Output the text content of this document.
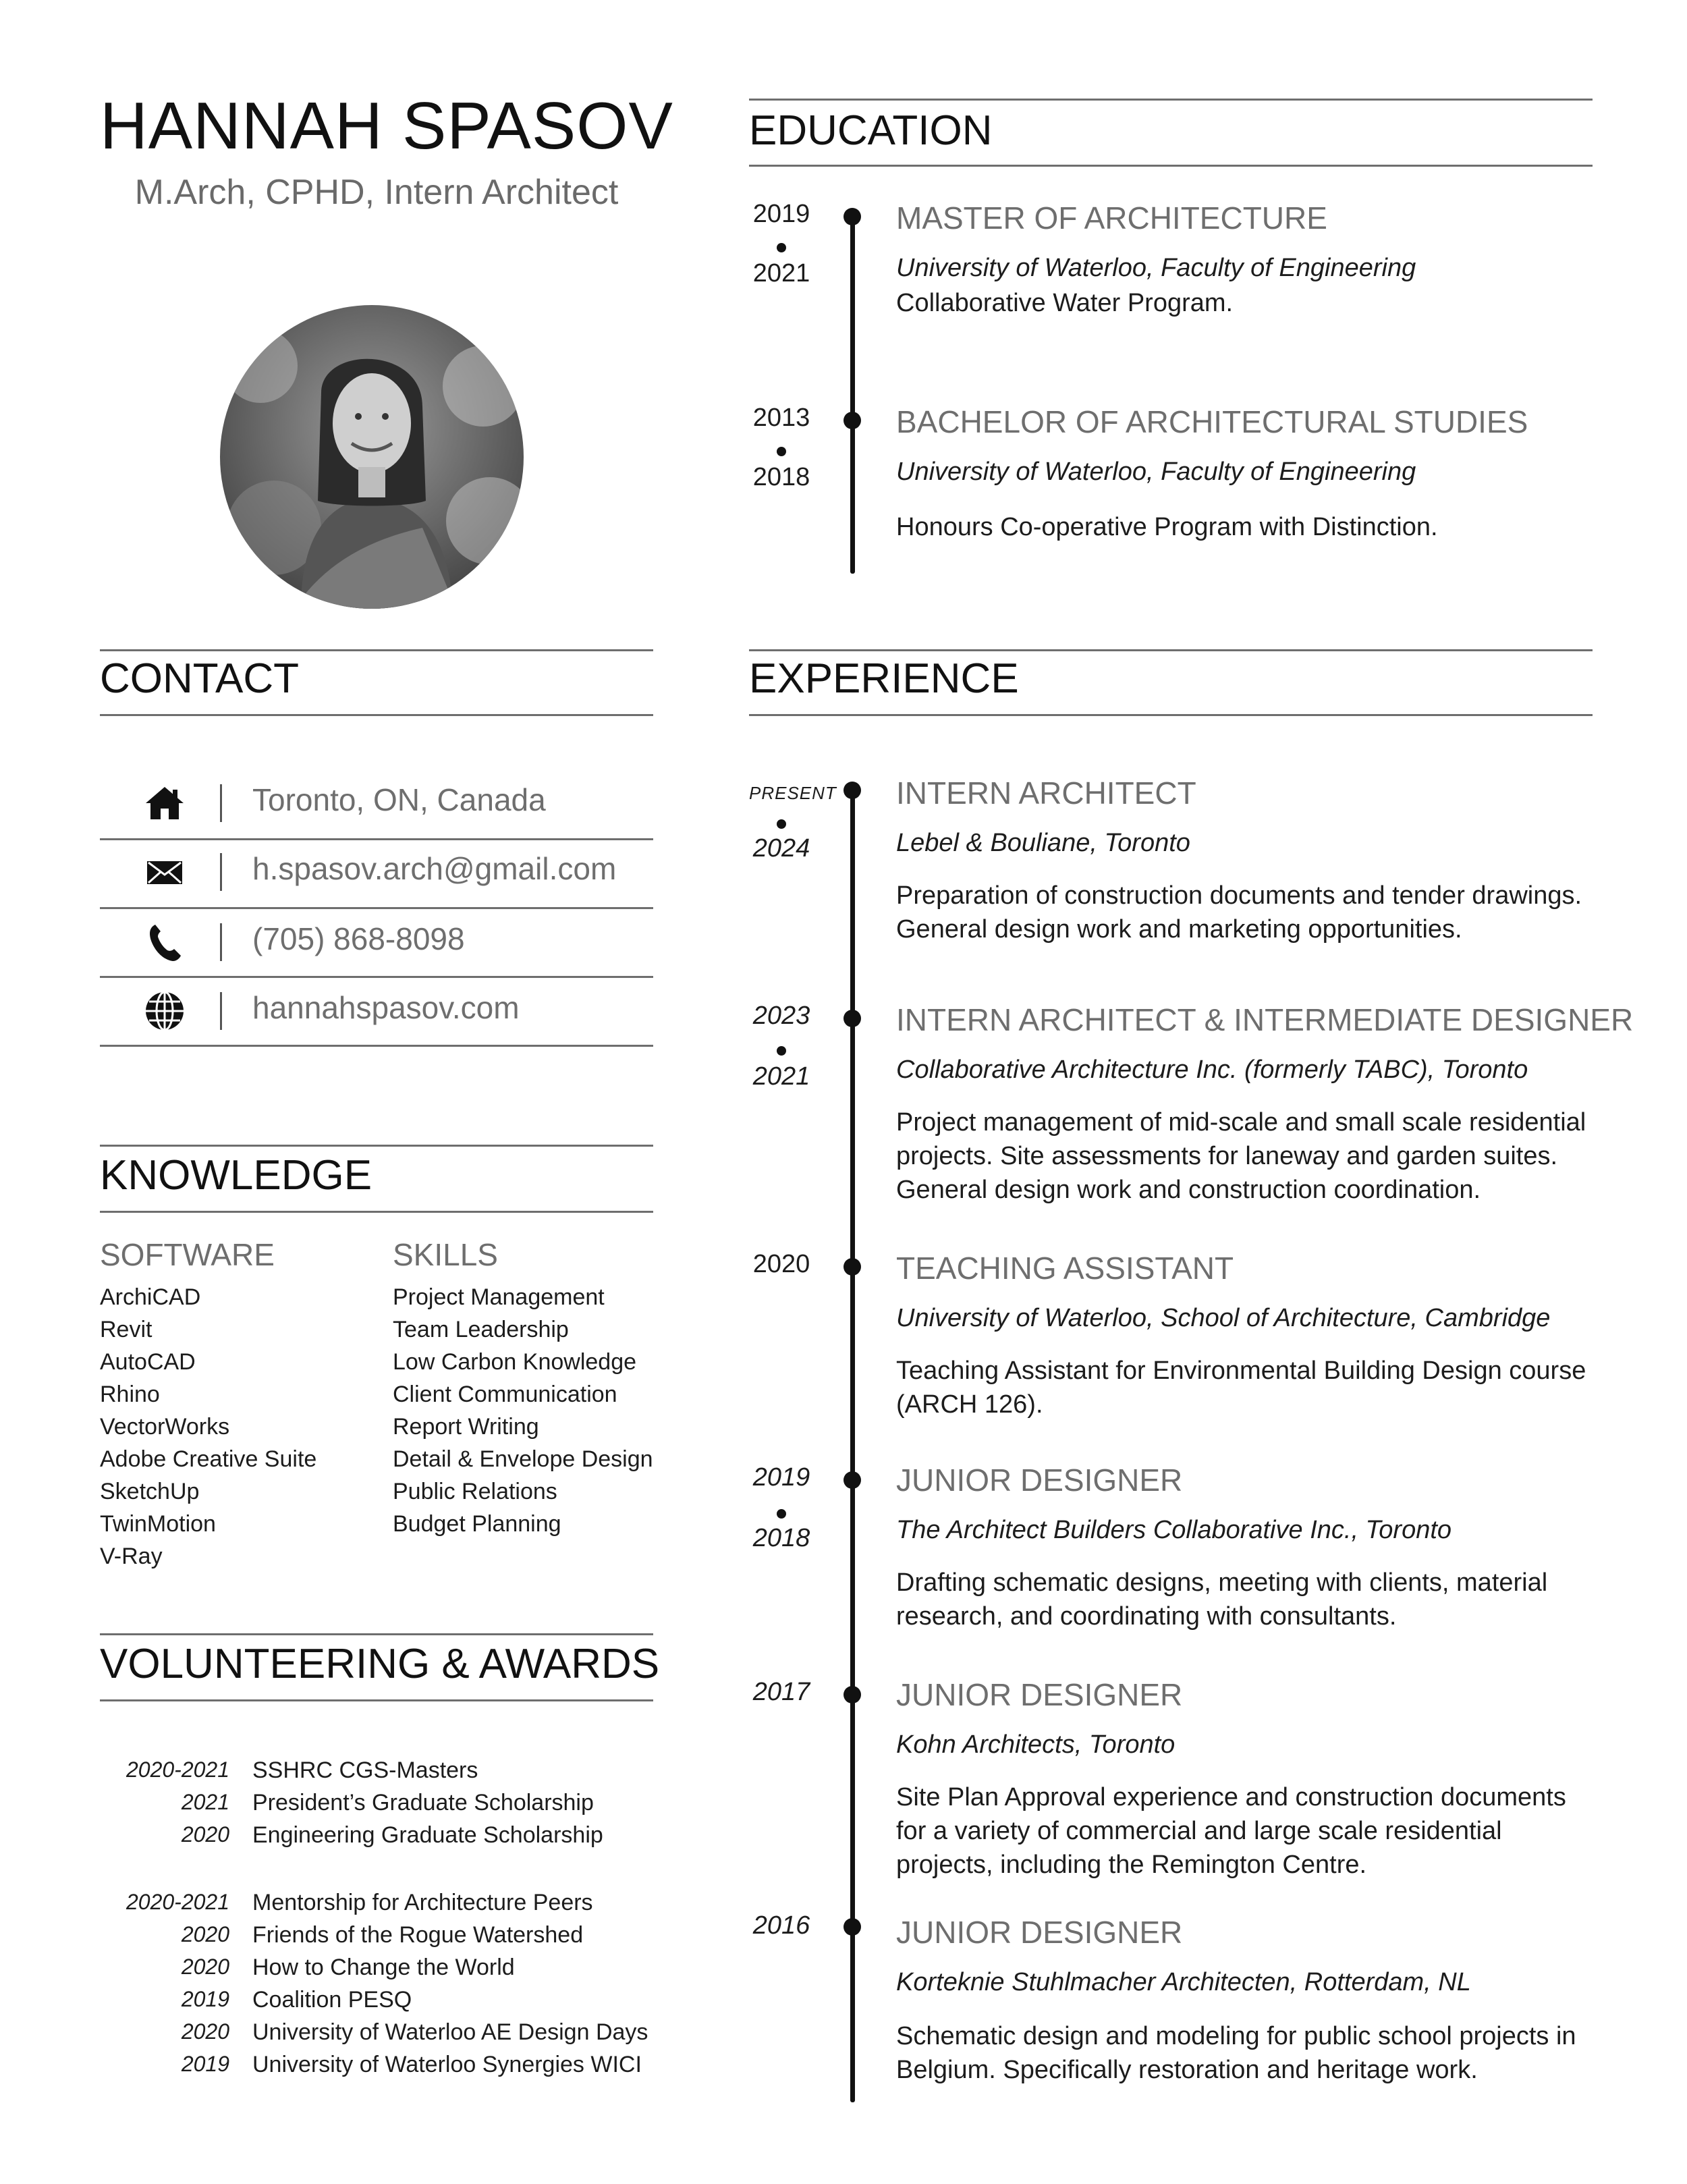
HANNAH SPASOV
M.Arch, CPHD, Intern Architect
CONTACT
Toronto, ON, Canada
h.spasov.arch@gmail.com
(705) 868-8098
hannahspasov.com
KNOWLEDGE
SOFTWARE
ArchiCAD
Revit
AutoCAD
Rhino
VectorWorks
Adobe Creative Suite
SketchUp
TwinMotion
V-Ray
SKILLS
Project Management
Team Leadership
Low Carbon Knowledge
Client Communication
Report Writing
Detail & Envelope Design
Public Relations
Budget Planning
VOLUNTEERING & AWARDS
2020-2021 SSHRC CGS-Masters
2021 President’s Graduate Scholarship
2020 Engineering Graduate Scholarship
2020-2021 Mentorship for Architecture Peers
2020 Friends of the Rogue Watershed
2020 How to Change the World
2019 Coalition PESQ
2020 University of Waterloo AE Design Days
2019 University of Waterloo Synergies WICI
EDUCATION
2019
2021
MASTER OF ARCHITECTURE
University of Waterloo, Faculty of Engineering
Collaborative Water Program.
2013
2018
BACHELOR OF ARCHITECTURAL STUDIES
University of Waterloo, Faculty of Engineering
Honours Co-operative Program with Distinction.
EXPERIENCE
PRESENT
2024
INTERN ARCHITECT
Lebel & Bouliane, Toronto
Preparation of construction documents and tender drawings. General design work and marketing opportunities.
2023
2021
INTERN ARCHITECT & INTERMEDIATE DESIGNER
Collaborative Architecture Inc. (formerly TABC), Toronto
Project management of mid-scale and small scale residential projects. Site assessments for laneway and garden suites. General design work and construction coordination.
2020	TEACHING ASSISTANT
University of Waterloo, School of Architecture, Cambridge
Teaching Assistant for Environmental Building Design course (ARCH 126).
2019
2018
JUNIOR DESIGNER
The Architect Builders Collaborative Inc., Toronto
Drafting schematic designs, meeting with clients, material research, and coordinating with consultants.
2017	JUNIOR DESIGNER
Kohn Architects, Toronto
Site Plan Approval experience and construction documents for a variety of commercial and large scale residential projects, including the Remington Centre.
2016	JUNIOR DESIGNER
Korteknie Stuhlmacher Architecten, Rotterdam, NL
Schematic design and modeling for public school projects in Belgium. Specifically restoration and heritage work.
